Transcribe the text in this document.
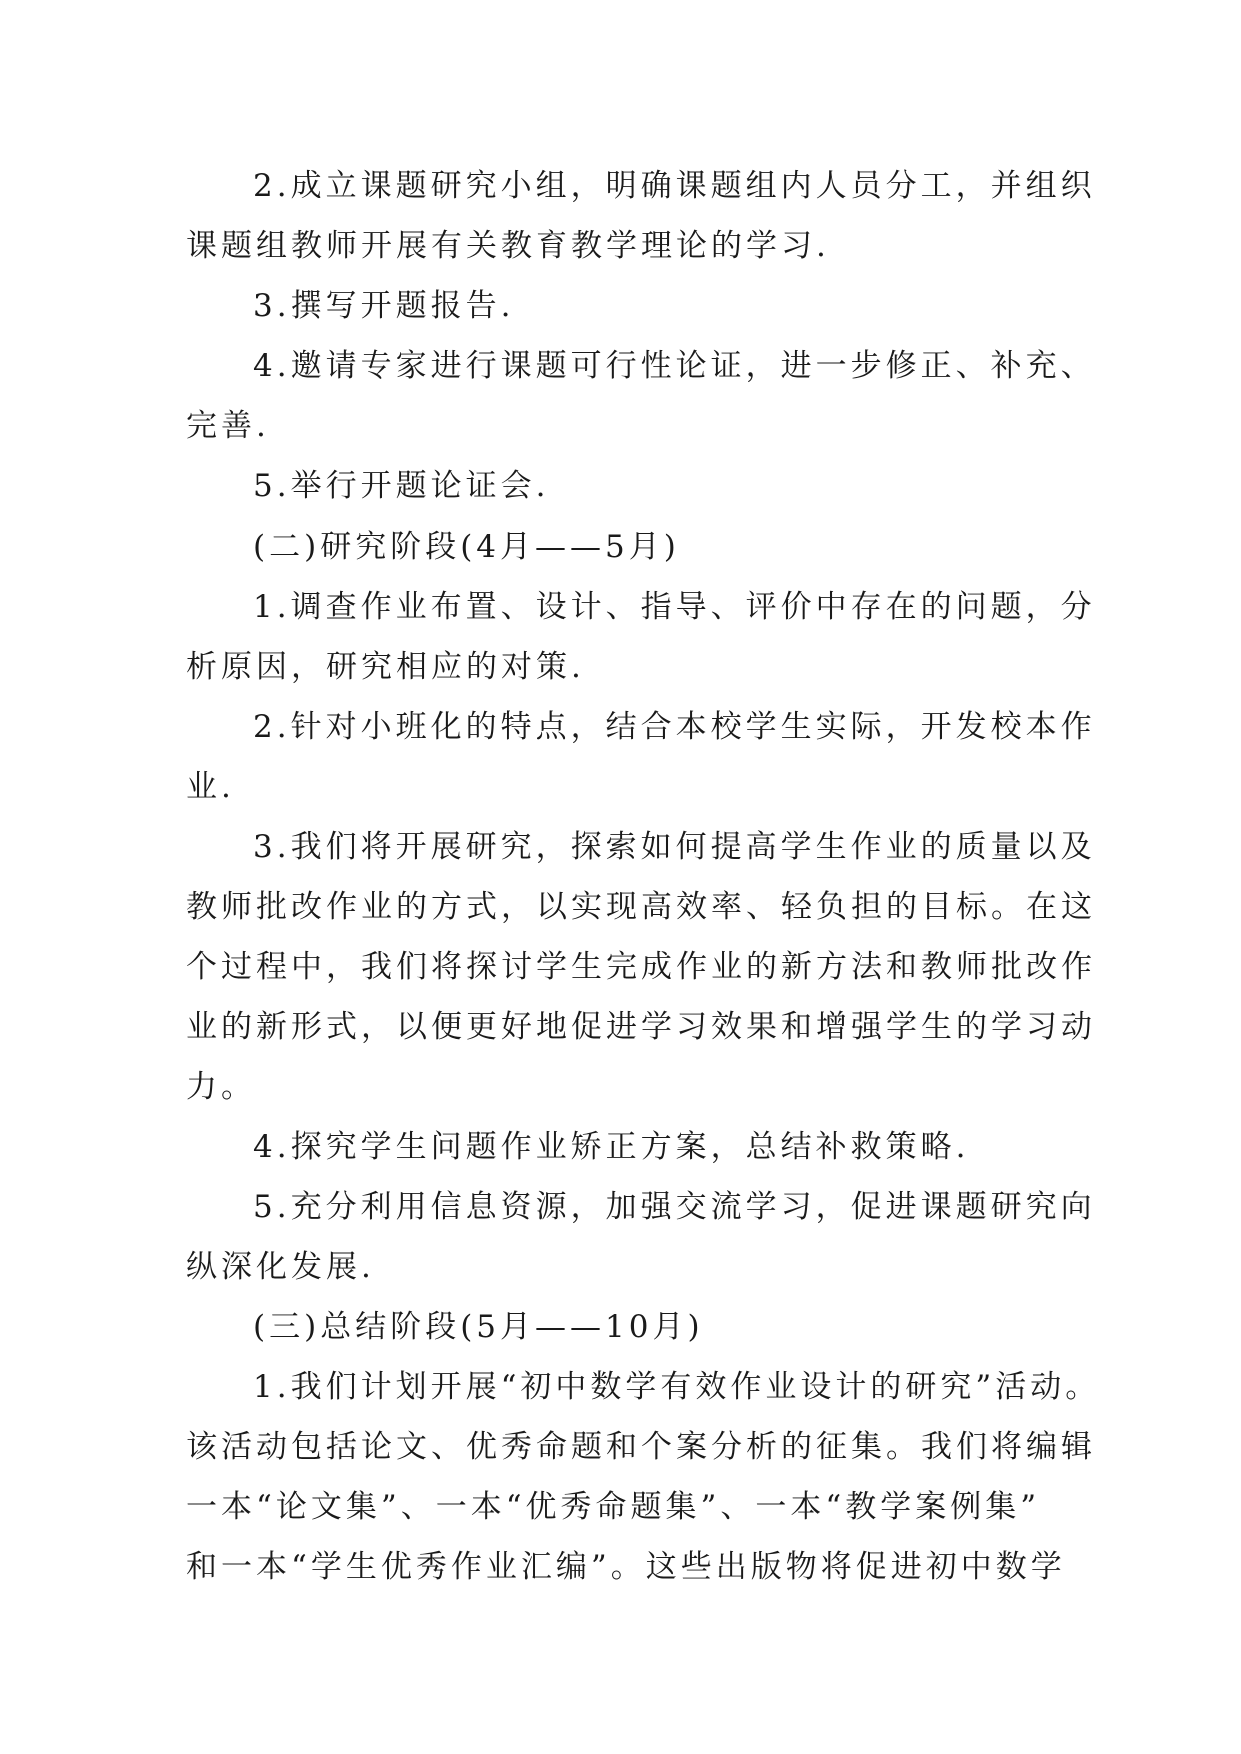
2.成立课题研究小组，明确课题组内人员分工，并组织
课题组教师开展有关教育教学理论的学习.
3.撰写开题报告.
4.邀请专家进行课题可行性论证，进一步修正、补充、
完善.
5.举行开题论证会.
(二)研究阶段(4月——5月)
1.调查作业布置、设计、指导、评价中存在的问题，分
析原因，研究相应的对策.
2.针对小班化的特点，结合本校学生实际，开发校本作
业.
3.我们将开展研究，探索如何提高学生作业的质量以及
教师批改作业的方式，以实现高效率、轻负担的目标。在这
个过程中，我们将探讨学生完成作业的新方法和教师批改作
业的新形式，以便更好地促进学习效果和增强学生的学习动
力。
4.探究学生问题作业矫正方案，总结补救策略.
5.充分利用信息资源，加强交流学习，促进课题研究向
纵深化发展.
(三)总结阶段(5月——10月)
1.我们计划开展“初中数学有效作业设计的研究”活动。
该活动包括论文、优秀命题和个案分析的征集。我们将编辑
一本“论文集”、一本“优秀命题集”、一本“教学案例集”
和一本“学生优秀作业汇编”。这些出版物将促进初中数学
